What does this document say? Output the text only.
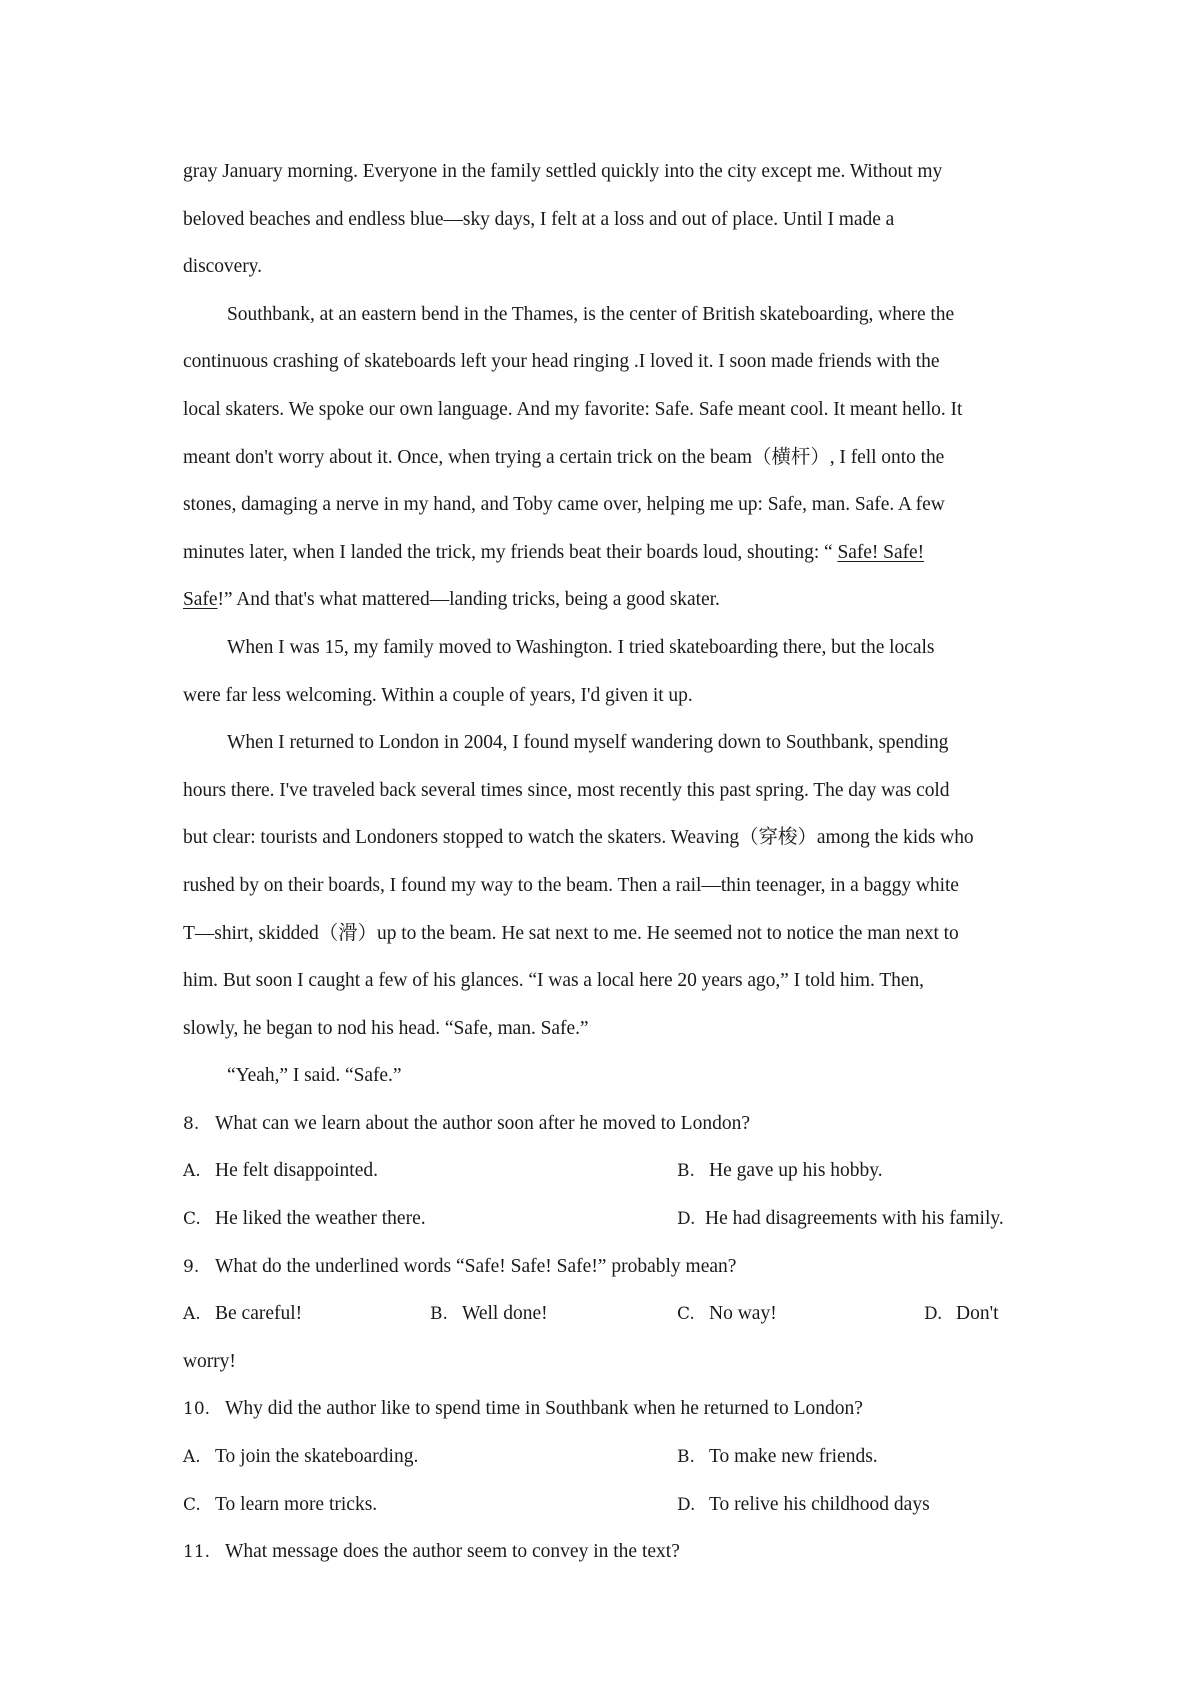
gray January morning. Everyone in the family settled quickly into the city except me. Without my
beloved beaches and endless blue—sky days, I felt at a loss and out of place. Until I made a
discovery.
Southbank, at an eastern bend in the Thames, is the center of British skateboarding, where the
continuous crashing of skateboards left your head ringing .I loved it. I soon made friends with the
local skaters. We spoke our own language. And my favorite: Safe. Safe meant cool. It meant hello. It
meant don't worry about it. Once, when trying a certain trick on the beam（横杆）, I fell onto the
stones, damaging a nerve in my hand, and Toby came over, helping me up: Safe, man. Safe. A few
minutes later, when I landed the trick, my friends beat their boards loud, shouting: “ Safe! Safe!
Safe!” And that's what mattered—landing tricks, being a good skater.
When I was 15, my family moved to Washington. I tried skateboarding there, but the locals
were far less welcoming. Within a couple of years, I'd given it up.
When I returned to London in 2004, I found myself wandering down to Southbank, spending
hours there. I've traveled back several times since, most recently this past spring. The day was cold
but clear: tourists and Londoners stopped to watch the skaters. Weaving（穿梭）among the kids who
rushed by on their boards, I found my way to the beam. Then a rail—thin teenager, in a baggy white
T—shirt, skidded（滑）up to the beam. He sat next to me. He seemed not to notice the man next to
him. But soon I caught a few of his glances. “I was a local here 20 years ago,” I told him. Then,
slowly, he began to nod his head. “Safe, man. Safe.”
“Yeah,” I said. “Safe.”
8. What can we learn about the author soon after he moved to London?
A. He felt disappointed.	B. He gave up his hobby.
C. He liked the weather there.	D. He had disagreements with his family.
9. What do the underlined words “Safe! Safe! Safe!” probably mean?
A. Be careful!	B. Well done!	C. No way!	D. Don't
worry!
10. Why did the author like to spend time in Southbank when he returned to London?
A. To join the skateboarding.	B. To make new friends.
C. To learn more tricks.	D. To relive his childhood days
11. What message does the author seem to convey in the text?
